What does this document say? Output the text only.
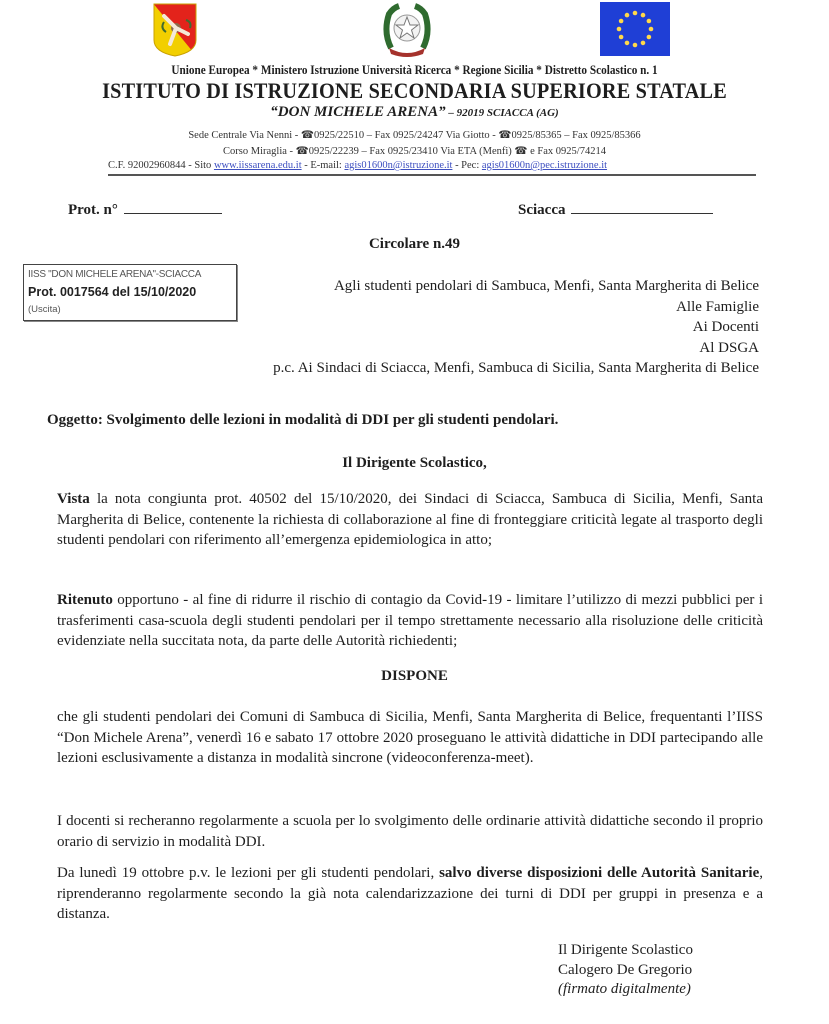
Unione Europea * Ministero Istruzione Università Ricerca * Regione Sicilia * Distretto Scolastico n. 1
ISTITUTO DI ISTRUZIONE SECONDARIA SUPERIORE STATALE
“DON MICHELE ARENA” – 92019 SCIACCA (AG)
Sede Centrale Via Nenni - ☎0925/22510 – Fax 0925/24247 Via Giotto - ☎0925/85365 – Fax 0925/85366
Corso Miraglia - ☎0925/22239 – Fax 0925/23410 Via ETA (Menfi) ☎ e Fax 0925/74214
C.F. 92002960844 - Sito www.iissarena.edu.it - E-mail: agis01600n@istruzione.it - Pec: agis01600n@pec.istruzione.it
Prot. n°	Sciacca
Circolare n.49
IISS "DON MICHELE ARENA"-SCIACCA
Prot. 0017564 del 15/10/2020
(Uscita)
Agli studenti pendolari di Sambuca, Menfi, Santa Margherita di Belice
Alle Famiglie
Ai Docenti
Al DSGA
p.c. Ai Sindaci di Sciacca, Menfi, Sambuca di Sicilia, Santa Margherita di Belice
Oggetto: Svolgimento delle lezioni in modalità di DDI per gli studenti pendolari.
Il Dirigente Scolastico,
Vista la nota congiunta prot. 40502 del 15/10/2020, dei Sindaci di Sciacca, Sambuca di Sicilia, Menfi, Santa Margherita di Belice, contenente la richiesta di collaborazione al fine di fronteggiare criticità legate al trasporto degli studenti pendolari con riferimento all’emergenza epidemiologica in atto;
Ritenuto opportuno - al fine di ridurre il rischio di contagio da Covid-19 - limitare l’utilizzo di mezzi pubblici per i trasferimenti casa-scuola degli studenti pendolari per il tempo strettamente necessario alla risoluzione delle criticità evidenziate nella succitata nota, da parte delle Autorità richiedenti;
DISPONE
che gli studenti pendolari dei Comuni di Sambuca di Sicilia, Menfi, Santa Margherita di Belice, frequentanti l’IISS “Don Michele Arena”, venerdì 16 e sabato 17 ottobre 2020 proseguano le attività didattiche in DDI partecipando alle lezioni esclusivamente a distanza in modalità sincrone (videoconferenza-meet).
I docenti si recheranno regolarmente a scuola per lo svolgimento delle ordinarie attività didattiche secondo il proprio orario di servizio in modalità DDI.
Da lunedì 19 ottobre p.v. le lezioni per gli studenti pendolari, salvo diverse disposizioni delle Autorità Sanitarie, riprenderanno regolarmente secondo la già nota calendarizzazione dei turni di DDI per gruppi in presenza e a distanza.
Il Dirigente Scolastico
Calogero De Gregorio
(firmato digitalmente)
